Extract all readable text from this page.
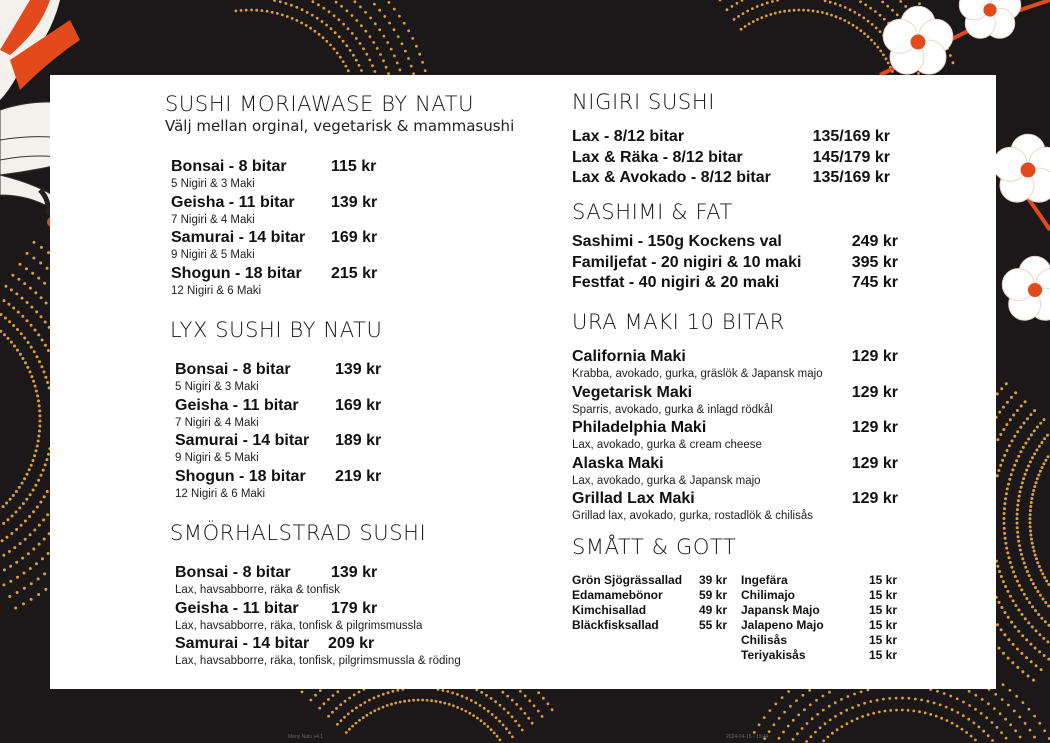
SUSHI MORIAWASE BY NATU
Välj mellan orginal, vegetarisk & mammasushi
Bonsai - 8 bitar	115 kr
5 Nigiri & 3 Maki
Geisha - 11 bitar 139 kr
7 Nigiri & 4 Maki
Samurai - 14 bitar 169 kr
9 Nigiri & 5 Maki
Shogun - 18 bitar 215 kr
12 Nigiri & 6 Maki
LYX SUSHI BY NATU
Bonsai - 8 bitar	139 kr
5 Nigiri & 3 Maki
Geisha - 11 bitar 169 kr
7 Nigiri & 4 Maki
Samurai - 14 bitar 189 kr
9 Nigiri & 5 Maki
Shogun - 18 bitar 219 kr
12 Nigiri & 6 Maki
SMÖRHALSTRAD SUSHI
Bonsai - 8 bitar	139 kr
Lax, havsabborre, räka & tonfisk
Geisha - 11 bitar 179 kr
Lax, havsabborre, räka, tonfisk & pilgrimsmussla
Samurai - 14 bitar 209 kr
Lax, havsabborre, räka, tonfisk, pilgrimsmussla & röding
NIGIRI SUSHI
Lax - 8/12 bitar	135/169 kr
Lax & Räka - 8/12 bitar	145/179 kr
Lax & Avokado - 8/12 bitar	135/169 kr
SASHIMI & FAT
Sashimi - 150g Kockens val	249 kr
Familjefat - 20 nigiri & 10 maki	395 kr
Festfat - 40 nigiri & 20 maki	745 kr
URA MAKI 10 BITAR
California Maki	129 kr
Krabba, avokado, gurka, gräslök & Japansk majo
Vegetarisk Maki	129 kr
Sparris, avokado, gurka & inlagd rödkål
Philadelphia Maki	129 kr
Lax, avokado, gurka & cream cheese
Alaska Maki	129 kr
Lax, avokado, gurka & Japansk majo
Grillad Lax Maki	129 kr
Grillad lax, avokado, gurka, rostadlök & chilisås
SMÅTT & GOTT
Grön Sjögrässallad 39 kr
Edamamebönor	59 kr
Kimchisallad	49 kr
Bläckfisksallad	55 kr
Ingefära	15 kr
Chilimajo	15 kr
Japansk Majo	15 kr
Jalapeno Majo	15 kr
Chilisås	15 kr
Teriyakisås	15 kr
Meny Natu v4.1	2024-04-15 - 13:44
